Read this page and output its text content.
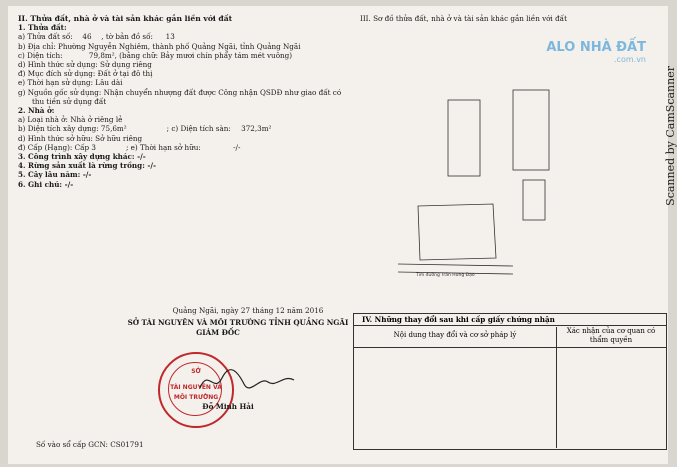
II. Thửa đất, nhà ở và tài sản khác gắn liền với đất
1. Thửa đất:
a) Thửa đất số: 46 , tờ bản đồ số: 13
b) Địa chỉ: Phường Nguyễn Nghiêm, thành phố Quảng Ngãi, tỉnh Quảng Ngãi
c) Diện tích:	79,8m², (bằng chữ: Bảy mươi chín phẩy tám mét vuông)
d) Hình thức sử dụng: Sử dụng riêng
đ) Mục đích sử dụng: Đất ở tại đô thị
e) Thời hạn sử dụng: Lâu dài
g) Nguồn gốc sử dụng: Nhận chuyển nhượng đất được Công nhận QSDĐ như giao đất có
thu tiền sử dụng đất
2. Nhà ở:
a) Loại nhà ở: Nhà ở riêng lẻ
b) Diện tích xây dựng: 75,6m²	; c) Diện tích sàn: 372,3m²
d) Hình thức sở hữu: Sở hữu riêng
đ) Cấp (Hạng): Cấp 3	; e) Thời hạn sở hữu:	-/-
3. Công trình xây dựng khác: -/-
4. Rừng sản xuất là rừng trồng: -/-
5. Cây lâu năm: -/-
6. Ghi chú: -/-
Quảng Ngãi, ngày 27 tháng 12 năm 2016
SỞ TÀI NGUYÊN VÀ MÔI TRƯỜNG TỈNH QUẢNG NGÃI
GIÁM ĐỐC
SỞ
TÀI NGUYÊN VÀ
MÔI TRƯỜNG
Đỗ Minh Hải
Số vào sổ cấp GCN: CS01791
III. Sơ đồ thửa đất, nhà ở và tài sản khác gắn liền với đất
Tim đường Trần Hưng Đạo
ALO NHÀ ĐẤT
.com.vn
Scanned by CamScanner
IV. Những thay đổi sau khi cấp giấy chứng nhận
Nội dung thay đổi và cơ sở pháp lý	Xác nhận của cơ quan có thẩm quyền
